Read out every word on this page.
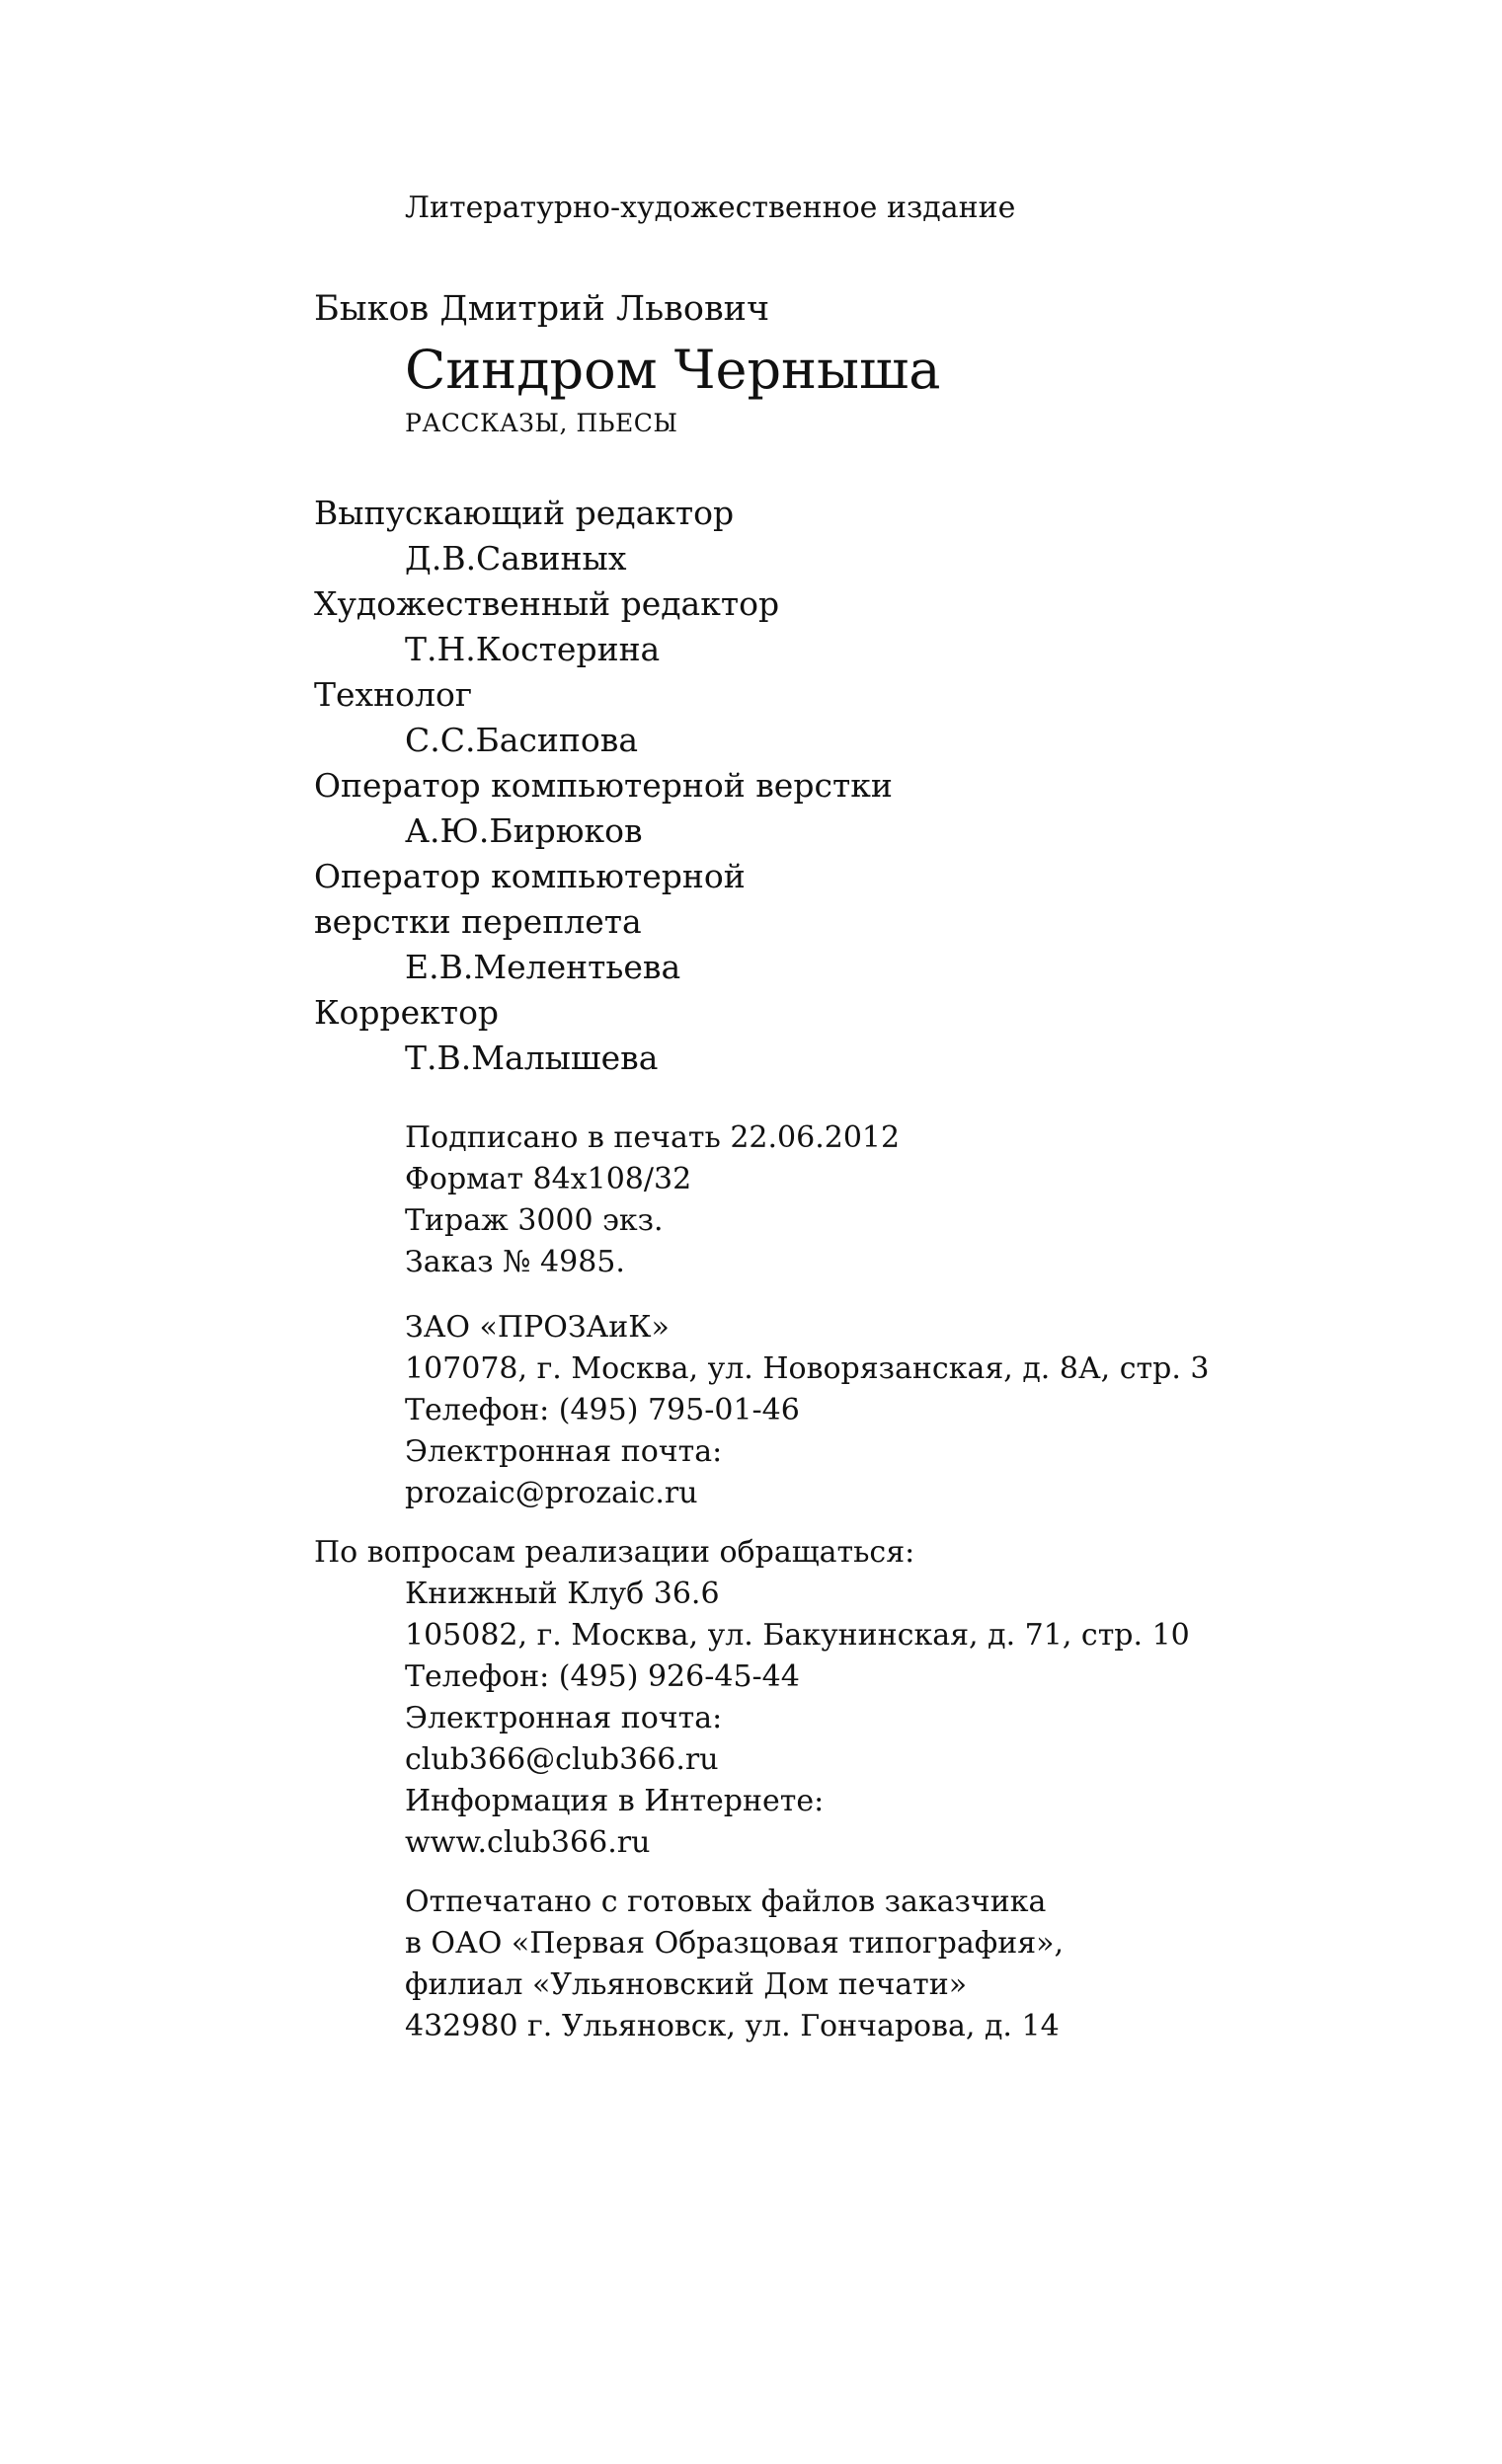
Литературно-художественное издание
Быков Дмитрий Львович
Синдром Черныша
РАССКАЗЫ, ПЬЕСЫ
Выпускающий редактор
Д.В.Савиных
Художественный редактор
Т.Н.Костерина
Технолог
С.С.Басипова
Оператор компьютерной верстки
А.Ю.Бирюков
Оператор компьютерной
верстки переплета
Е.В.Мелентьева
Корректор
Т.В.Малышева
Подписано в печать 22.06.2012
Формат 84x108/32
Тираж 3000 экз.
Заказ № 4985.
ЗАО «ПРОЗАиК»
107078, г. Москва, ул. Новорязанская, д. 8А, стр. 3
Телефон: (495) 795-01-46
Электронная почта:
prozaic@prozaic.ru
По вопросам реализации обращаться:
Книжный Клуб 36.6
105082, г. Москва, ул. Бакунинская, д. 71, стр. 10
Телефон: (495) 926-45-44
Электронная почта:
club366@club366.ru
Информация в Интернете:
www.club366.ru
Отпечатано с готовых файлов заказчика
в ОАО «Первая Образцовая типография»,
филиал «Ульяновский Дом печати»
432980 г. Ульяновск, ул. Гончарова, д. 14
